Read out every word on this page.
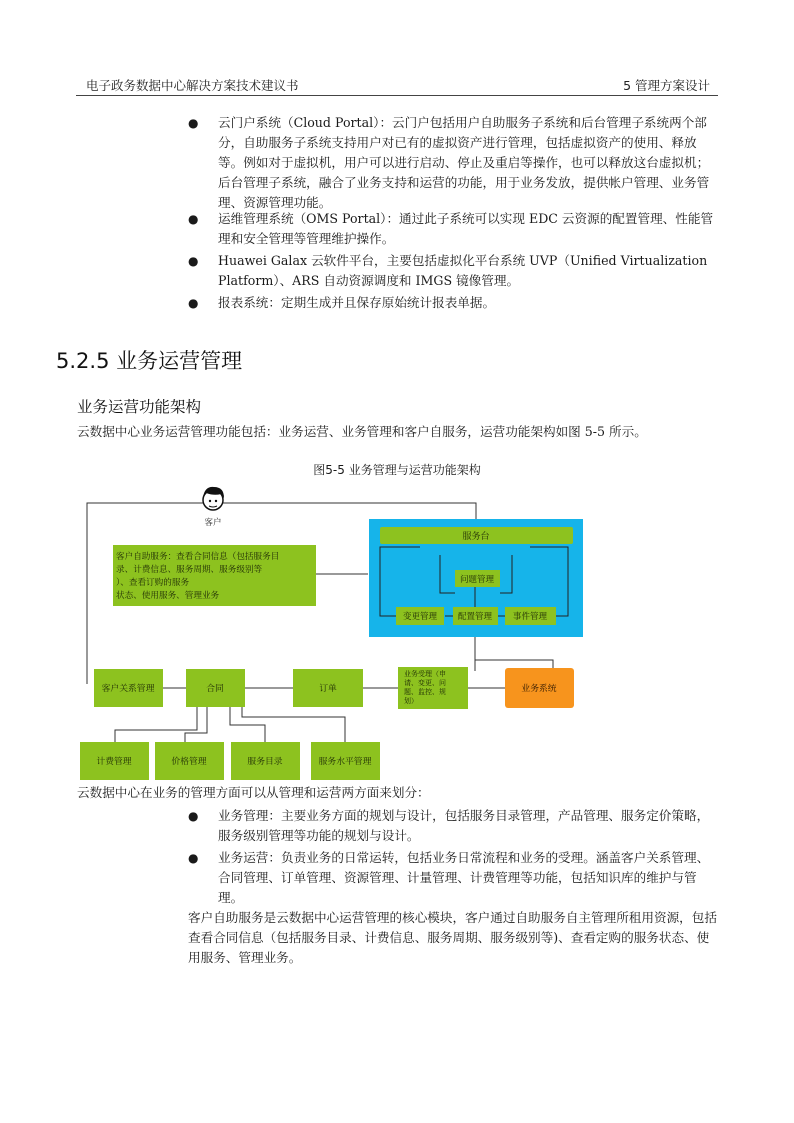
电子政务数据中心解决方案技术建议书	5 管理方案设计
● 云门户系统（Cloud Portal）：云门户包括用户自助服务子系统和后台管理子系统两个部分，自助服务子系统支持用户对已有的虚拟资产进行管理，包括虚拟资产的使用、释放等。例如对于虚拟机，用户可以进行启动、停止及重启等操作，也可以释放这台虚拟机；后台管理子系统，融合了业务支持和运营的功能，用于业务发放，提供帐户管理、业务管理、资源管理功能。
● 运维管理系统（OMS Portal）：通过此子系统可以实现 EDC 云资源的配置管理、性能管理和安全管理等管理维护操作。
● Huawei Galax 云软件平台，主要包括虚拟化平台系统 UVP（Unified Virtualization Platform）、ARS 自动资源调度和 IMGS 镜像管理。
● 报表系统：定期生成并且保存原始统计报表单据。
5.2.5 业务运营管理
业务运营功能架构
云数据中心业务运营管理功能包括：业务运营、业务管理和客户自服务，运营功能架构如图 5-5 所示。
图5-5 业务管理与运营功能架构
客户
客户自助服务：查看合同信息（包括服务目 录、计费信息、服务周期、服务级别等 ）、查看订购的服务 状态、使用服务、管理业务
服务台
问题管理
变更管理 配置管理 事件管理
客户关系管理	合同	订单
业务受理（申 请、变更、问 题、监控、规 划）
业务系统
计费管理	价格管理	服务目录	服务水平管理
云数据中心在业务的管理方面可以从管理和运营两方面来划分：
● 业务管理：主要业务方面的规划与设计，包括服务目录管理，产品管理、服务定价策略，服务级别管理等功能的规划与设计。
● 业务运营：负责业务的日常运转，包括业务日常流程和业务的受理。涵盖客户关系管理、合同管理、订单管理、资源管理、计量管理、计费管理等功能，包括知识库的维护与管理。
客户自助服务是云数据中心运营管理的核心模块，客户通过自助服务自主管理所租用资源，包括查看合同信息（包括服务目录、计费信息、服务周期、服务级别等)、查看定购的服务状态、使用服务、管理业务。
